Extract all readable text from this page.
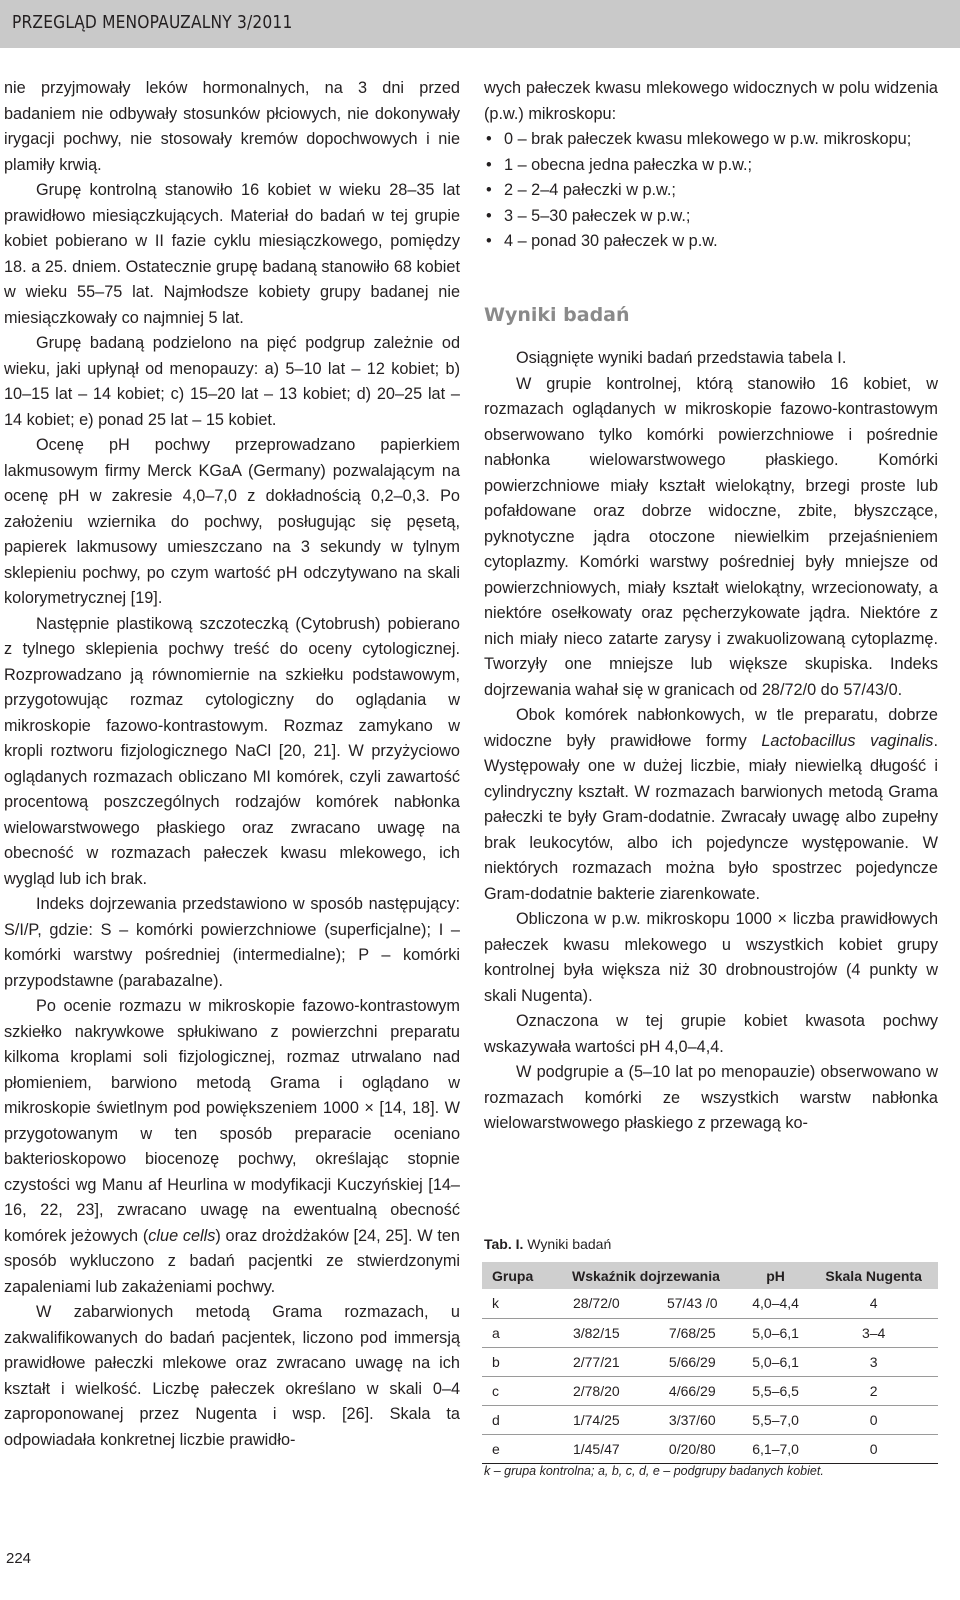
PRZEGLĄD MENOPAUZALNY 3/2011

nie przyjmowały leków hormonalnych, na 3 dni przed badaniem nie odbywały stosunków płciowych, nie dokonywały irygacji pochwy, nie stosowały kremów dopochwowych i nie plamiły krwią.

Grupę kontrolną stanowiło 16 kobiet w wieku 28–35 lat prawidłowo miesiączkujących. Materiał do badań w tej grupie kobiet pobierano w II fazie cyklu miesiączkowego, pomiędzy 18. a 25. dniem. Ostatecznie grupę badaną stanowiło 68 kobiet w wieku 55–75 lat. Najmłodsze kobiety grupy badanej nie miesiączkowały co najmniej 5 lat.

Grupę badaną podzielono na pięć podgrup zależnie od wieku, jaki upłynął od menopauzy: a) 5–10 lat – 12 kobiet; b) 10–15 lat – 14 kobiet; c) 15–20 lat – 13 kobiet; d) 20–25 lat – 14 kobiet; e) ponad 25 lat – 15 kobiet.

Ocenę pH pochwy przeprowadzano papierkiem lakmusowym firmy Merck KGaA (Germany) pozwalającym na ocenę pH w zakresie 4,0–7,0 z dokładnością 0,2–0,3. Po założeniu wziernika do pochwy, posługując się pęsetą, papierek lakmusowy umieszczano na 3 sekundy w tylnym sklepieniu pochwy, po czym wartość pH odczytywano na skali kolorymetrycznej [19].

Następnie plastikową szczoteczką (Cytobrush) pobierano z tylnego sklepienia pochwy treść do oceny cytologicznej. Rozprowadzano ją równomiernie na szkiełku podstawowym, przygotowując rozmaz cytologiczny do oglądania w mikroskopie fazowo-kontrastowym. Rozmaz zamykano w kropli roztworu fizjologicznego NaCl [20, 21]. W przyżyciowo oglądanych rozmazach obliczano MI komórek, czyli zawartość procentową poszczególnych rodzajów komórek nabłonka wielowarstwowego płaskiego oraz zwracano uwagę na obecność w rozmazach pałeczek kwasu mlekowego, ich wygląd lub ich brak.

Indeks dojrzewania przedstawiono w sposób następujący: S/I/P, gdzie: S – komórki powierzchniowe (superficjalne); I – komórki warstwy pośredniej (intermedialne); P – komórki przypodstawne (parabazalne).

Po ocenie rozmazu w mikroskopie fazowo-kontrastowym szkiełko nakrywkowe spłukiwano z powierzchni preparatu kilkoma kroplami soli fizjologicznej, rozmaz utrwalano nad płomieniem, barwiono metodą Grama i oglądano w mikroskopie świetlnym pod powiększeniem 1000 × [14, 18]. W przygotowanym w ten sposób preparacie oceniano bakterioskopowo biocenozę pochwy, określając stopnie czystości wg Manu af Heurlina w modyfikacji Kuczyńskiej [14–16, 22, 23], zwracano uwagę na ewentualną obecność komórek jeżowych (clue cells) oraz drożdżaków [24, 25]. W ten sposób wykluczono z badań pacjentki ze stwierdzonymi zapaleniami lub zakażeniami pochwy.

W zabarwionych metodą Grama rozmazach, u zakwalifikowanych do badań pacjentek, liczono pod immersją prawidłowe pałeczki mlekowe oraz zwracano uwagę na ich kształt i wielkość. Liczbę pałeczek określano w skali 0–4 zaproponowanej przez Nugenta i wsp. [26]. Skala ta odpowiadała konkretnej liczbie prawidło-

wych pałeczek kwasu mlekowego widocznych w polu widzenia (p.w.) mikroskopu:

• 0 – brak pałeczek kwasu mlekowego w p.w. mikroskopu;
• 1 – obecna jedna pałeczka w p.w.;
• 2 – 2–4 pałeczki w p.w.;
• 3 – 5–30 pałeczek w p.w.;
• 4 – ponad 30 pałeczek w p.w.
Wyniki badań

Osiągnięte wyniki badań przedstawia tabela I.

W grupie kontrolnej, którą stanowiło 16 kobiet, w rozmazach oglądanych w mikroskopie fazowo-kontrastowym obserwowano tylko komórki powierzchniowe i pośrednie nabłonka wielowarstwowego płaskiego. Komórki powierzchniowe miały kształt wielokątny, brzegi proste lub pofałdowane oraz dobrze widoczne, zbite, błyszczące, pyknotyczne jądra otoczone niewielkim przejaśnieniem cytoplazmy. Komórki warstwy pośredniej były mniejsze od powierzchniowych, miały kształt wielokątny, wrzecionowaty, a niektóre osełkowaty oraz pęcherzykowate jądra. Niektóre z nich miały nieco zatarte zarysy i zwakuolizowaną cytoplazmę. Tworzyły one mniejsze lub większe skupiska. Indeks dojrzewania wahał się w granicach od 28/72/0 do 57/43/0.

Obok komórek nabłonkowych, w tle preparatu, dobrze widoczne były prawidłowe formy Lactobacillus vaginalis. Występowały one w dużej liczbie, miały niewielką długość i cylindryczny kształt. W rozmazach barwionych metodą Grama pałeczki te były Gram-dodatnie. Zwracały uwagę albo zupełny brak leukocytów, albo ich pojedyncze występowanie. W niektórych rozmazach można było spostrzec pojedyncze Gram-dodatnie bakterie ziarenkowate.

Obliczona w p.w. mikroskopu 1000 × liczba prawidłowych pałeczek kwasu mlekowego u wszystkich kobiet grupy kontrolnej była większa niż 30 drobnoustrojów (4 punkty w skali Nugenta).

Oznaczona w tej grupie kobiet kwasota pochwy wskazywała wartości pH 4,0–4,4.

W podgrupie a (5–10 lat po menopauzie) obserwowano w rozmazach komórki ze wszystkich warstw nabłonka wielowarstwowego płaskiego z przewagą ko-

Tab. I. Wyniki badań
Grupa	Wskaźnik dojrzewania		pH	Skala Nugenta
k	28/72/0	57/43 /0	4,0–4,4	4
a	3/82/15	7/68/25	5,0–6,1	3–4
b	2/77/21	5/66/29	5,0–6,1	3
c	2/78/20	4/66/29	5,5–6,5	2
d	1/74/25	3/37/60	5,5–7,0	0
e	1/45/47	0/20/80	6,1–7,0	0
k – grupa kontrolna; a, b, c, d, e – podgrupy badanych kobiet.
224
